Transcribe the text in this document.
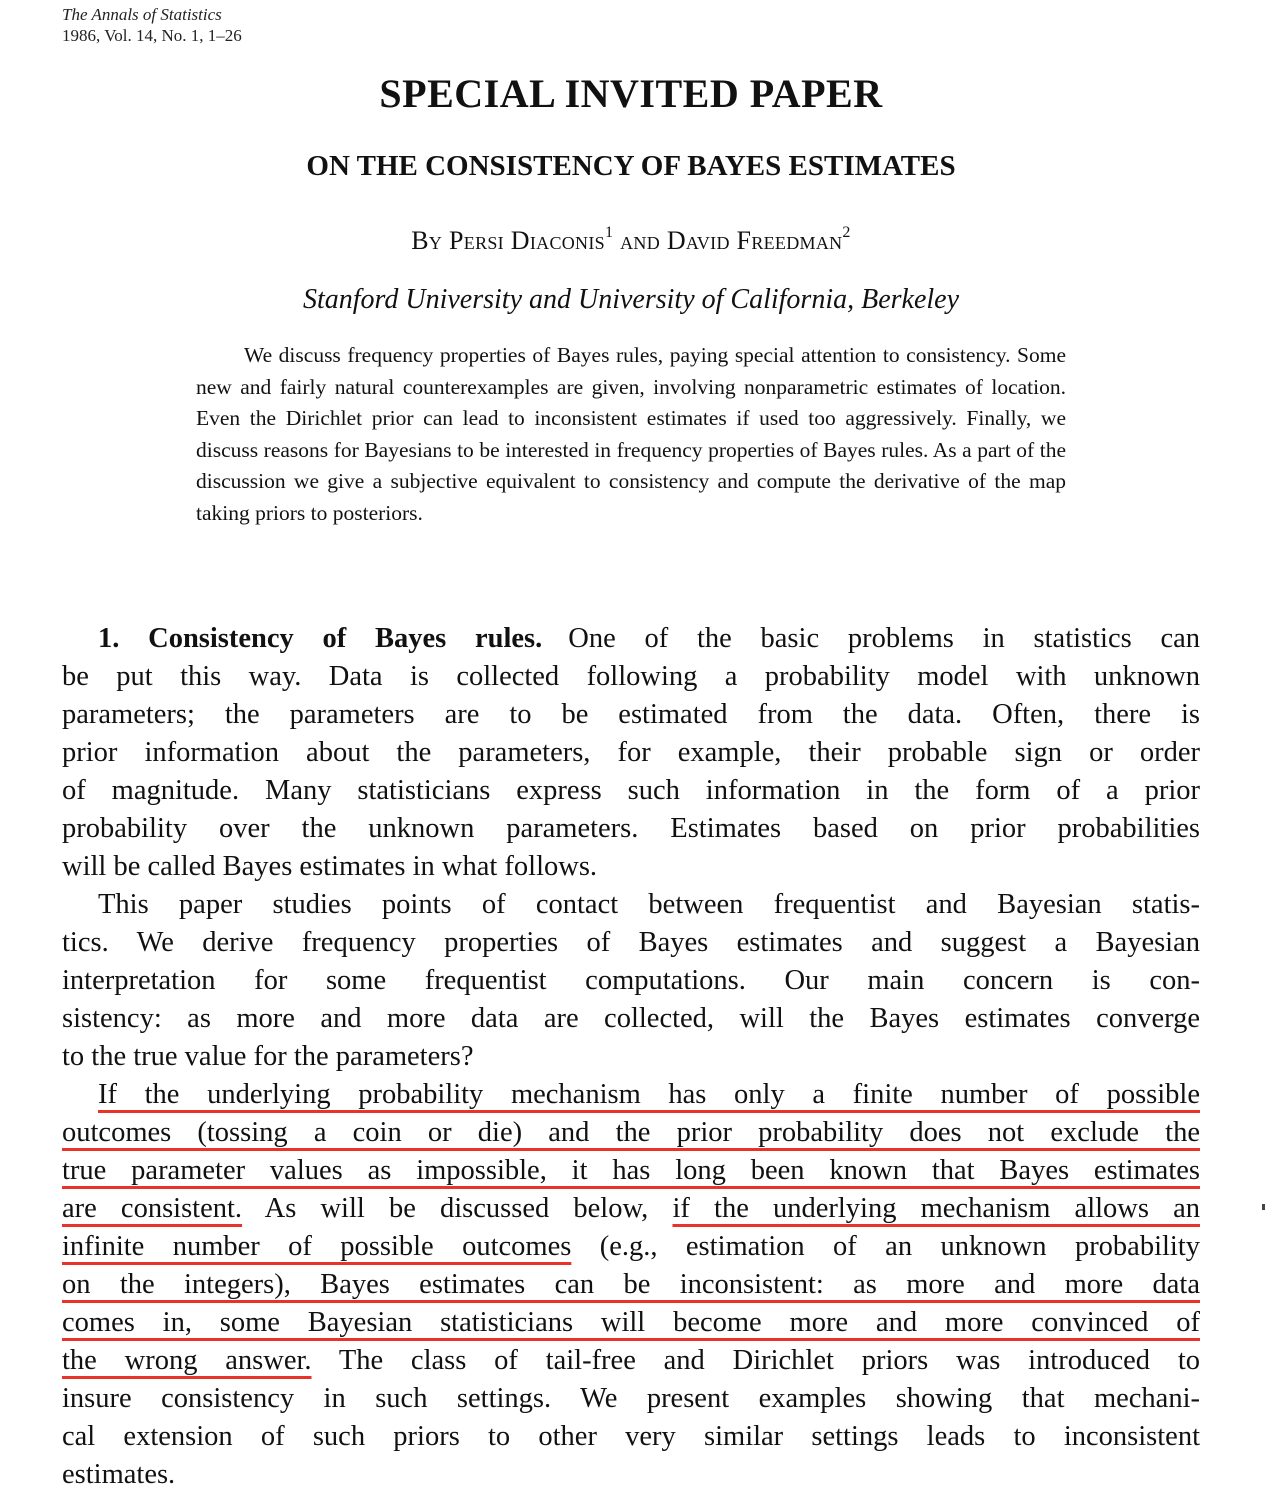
The Annals of Statistics
1986, Vol. 14, No. 1, 1–26
SPECIAL INVITED PAPER
ON THE CONSISTENCY OF BAYES ESTIMATES
By Persi Diaconis$^1$ and David Freedman$^2$
Stanford University and University of California, Berkeley

We discuss frequency properties of Bayes rules, paying special attention to consistency. Some new and fairly natural counterexamples are given, involving nonparametric estimates of location. Even the Dirichlet prior can lead to inconsistent estimates if used too aggressively. Finally, we discuss reasons for Bayesians to be interested in frequency properties of Bayes rules. As a part of the discussion we give a subjective equivalent to consistency and compute the derivative of the map taking priors to posteriors.

1. Consistency of Bayes rules. One of the basic problems in statistics can
be put this way. Data is collected following a probability model with unknown
parameters; the parameters are to be estimated from the data. Often, there is
prior information about the parameters, for example, their probable sign or order
of magnitude. Many statisticians express such information in the form of a prior
probability over the unknown parameters. Estimates based on prior probabilities
will be called Bayes estimates in what follows.
This paper studies points of contact between frequentist and Bayesian statis-
tics. We derive frequency properties of Bayes estimates and suggest a Bayesian
interpretation for some frequentist computations. Our main concern is con-
sistency: as more and more data are collected, will the Bayes estimates converge
to the true value for the parameters?
If the underlying probability mechanism has only a finite number of possible
outcomes (tossing a coin or die) and the prior probability does not exclude the
true parameter values as impossible, it has long been known that Bayes estimates
are consistent. As will be discussed below, if the underlying mechanism allows an
infinite number of possible outcomes (e.g., estimation of an unknown probability
on the integers), Bayes estimates can be inconsistent: as more and more data
comes in, some Bayesian statisticians will become more and more convinced of
the wrong answer. The class of tail-free and Dirichlet priors was introduced to
insure consistency in such settings. We present examples showing that mechani-
cal extension of such priors to other very similar settings leads to inconsistent
estimates.
